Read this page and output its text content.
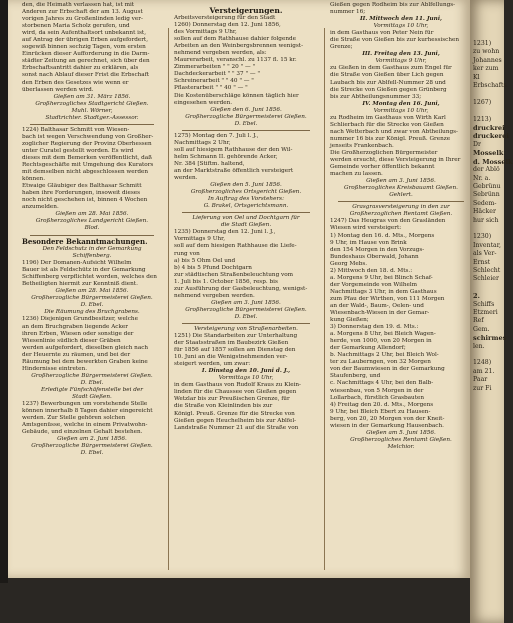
den, die Heimath verlassen hat, ist mit
Anderen zur Erbschaft der am 13. August
vorigen Jahres zu Großenlinden ledig ver-
storbenen Maria Scholz gerufen, und
wird, da sein Aufenthaltsort unbekannt ist,
auf Antrag der übrigen Erben aufgefordert,
sogewiß binnen sechzig Tagen, vom ersten
Einrücken dieser Aufforderung in die Darm-
städter Zeitung an gerechnet, sich über den
Erbschaftsantritt dahier zu erklären, als
sonst nach Ablauf dieser Frist die Erbschaft
den Erben des Gesetzes wie wenn er
überlassen werden wird.
Gießen am 31. März 1856.
Großherzogliches Stadtgericht Gießen.
Muhl. Wörner,
Stadtrichter. Stadtger.-Assessor.
1224) Balthasar Schmitt von Wiesen-
bach ist wegen Verschwendung von Großher-
zoglicher Regierung der Provinz Oberhessen
unter Curatel gestellt worden. Es wird
dieses mit dem Bemerken veröffentlicht, daß
Rechtsgeschäfte mit Umgehung des Kurators
mit demselben nicht abgeschlossen werden
können.
Etwaige Gläubiger des Balthasar Schmitt
haben ihre Forderungen, insoweit dieses
noch nicht geschehen ist, binnen 4 Wochen
anzumelden.
Gießen am 28. Mai 1856.
Großherzogliches Landgericht Gießen.
Blod.
Besondere Bekanntmachungen.
Den Feldschutz in der Gemarkung
Schiffenberg.
1196) Der Domanen-Aufsicht Wilhelm
Bauer ist als Feldschütz in der Gemarkung
Schiffenberg verpflichtet worden, welches den
Betheiligten hiermit zur Kenntniß dient.
Gießen am 28. Mai 1856.
Großherzogliche Bürgermeisterei Gießen.
D. Ebel.
Die Räumung des Bruchgrabens.
1236) Diejenigen Grundbesitzer, welche
an dem Bruchgraben liegende Acker
ihren Erben, Wiesen oder sonstige der
Wiesenlinie südlich dieser Gräben
werden aufgefordert, dieselben gleich nach
der Heuernte zu räumen, und bei der
Räumung bei dem bewerkten Graben keine
Hindernisse eintreten.
Großherzogliche Bürgermeisterei Gießen.
D. Ebel.
Erledigte Fünfschäfenstelle bei der
Stadt Gießen.
1237) Bewerbungen um vorstehende Stelle
können innerhalb 8 Tagen dahier eingereicht
werden. Zur Stelle gehören solchen
Amtsgenüsse, welche in einem Privatwohn-
Gebäude, und einzelnen Gehalt bestehen.
Gießen am 2. Juni 1856.
Großherzogliche Bürgermeisterei Gießen.
D. Ebel.
Versteigerungen.
Arbeitsversteigerung für den Stadt
1260) Donnerstag den 12. Juni 1856,
des Vormittags 9 Uhr,
sollen auf dem Rathhause dahier folgende
Arbeiten an den Weinbergsbrennen wenigst-
nehmend vergeben werden, als:
Maurerarbeit, veranschl. zu 1137 fl. 15 kr.
Zimmerarbeiten " " 20 " — "
Dachdeckerarbeit " " 37 " — "
Schreinerarbeit " " 40 " — "
Pflasterarbeit " " 40 " — "
Die Kostenüberschläge können täglich hier
eingesehen werden.
Gießen den 6. Juni 1856.
Großherzogliche Bürgermeisterei Gießen.
D. Ebel.
1275) Montag den 7. Juli l. J.,
Nachmittags 2 Uhr,
soll auf hiesigem Rathhause der den Wil-
helm Schmann II. gehörende Acker,
Nr. 384 [Stiftm. haltend,
an der Marktstraße öffentlich versteigert
werden.
Gießen den 5. Juni 1856.
Großherzogliches Ortsgericht Gießen.
In Auftrag des Vorstehers:
G. Brakel, Ortsgerichtsmann.
Lieferung von Oel und Dochtgarn für
die Stadt Gießen.
1235) Donnerstag den 12. Juni l. J.,
Vormittags 9 Uhr,
soll auf dem hiesigen Rathhause die Liefe-
rung von
a) bis 5 Ohm Oel und
b) 4 bis 5 Pfund Dochtgarn
zur städtischen Straßenbeleuchtung vom
1. Juli bis 1. October 1856, resp. bis
zur Ausführung der Gasbeleuchtung, wenigst-
nehmend vergeben werden.
Gießen am 3. Juni 1856.
Großherzogliche Bürgermeisterei Gießen.
D. Ebel.
Versteigerung von Straßenarbeiten.
1251) Die Standarbeiten zur Unterhaltung
der Staatsstraßen im Baubezirk Gießen
für 1856 auf 1857 sollen am Dienstag den
10. Juni an die Wenigstnehmenden ver-
steigert werden, um zwar:
I. Dinstag den 10. Juni d. J.,
Vormittags 10 Uhr,
in dem Gasthaus von Rudolf Kraus zu Klein-
linden für die Chaussee von Gießen gegen
Wetzlar bis zur Preußischen Grenze, für
die Straße von Kleinlinden bis zur
Königl. Preuß. Grenze für die Strecke von
Gießen gegen Heuchelheim bis zur Ablfel-
Landstraße Nummer 21 auf die Straße von
Gießen gegen Rodheim bis zur Ablfellungs-
nummer 16;
II. Mittwoch den 11. Juni,
Vormittags 10 Uhr,
in dem Gasthaus von Peter Nein für
die Straße von Gießen bis zur kurhessischen
Grenze;
III. Freitag den 13. Juni,
Vormittags 9 Uhr,
zu Gießen in dem Gasthaus zum Engel für
die Straße von Gießen über Lich gegen
Laubach bis zur Ablfell-Nummer 28 und
die Strecke von Gießen gegen Grünberg
bis zur Abtheilungsnummer 33;
IV. Montag den 16. Juni,
Vormittags 10 Uhr,
zu Rodheim im Gasthaus von Wirth Karl
Schlierbach für die Strecke von Gießen
nach Wetterbach und zwar von Abtheilungs-
nummer 16 bis zur Königl. Preuß. Grenze
jenseits Frankenbach.
Die Großherzoglichen Bürgermeister
werden ersucht, diese Versteigerung in Ihrer
Gemeinde vorher öffentlich bekannt
machen zu lassen.
Gießen am 3. Juni 1856.
Großherzogliches Kreisbauamt Gießen.
Gehlert.
Grasgrasversteigerung in den zur
Großherzoglichen Rentamt Gießen.
1247) Das Heugras von den Grasländen
Wiesen wird versteigert:
1) Montag den 16. d. Mts., Morgens
9 Uhr, im Hause von Brink
den 154 Morgen in den Vorzugs-
Bundeshaus Oberwald, Johann
Georg Mebs.
2) Mittwoch den 18. d. Mts.:
a. Morgens 9 Uhr, bei Blinch Schaf-
der Vorgemeinde von Wilhelm
Nachmittags 3 Uhr, in dem Gasthaus
zum Pfau der Wirthen, von 111 Morgen
an der Wald-, Baum-, Oelen- und
Wiesenbach-Wiesen in der Gemar-
kung Gießen;
3) Donnerstag den 19. d. Mts.:
a. Morgens 8 Uhr, bei Bleich Wagen-
herde, von 1000, von 20 Morgen in
der Gemarkung Allendorf;
b. Nachmittags 2 Uhr, bei Bleich Wol-
ter zu Lauberngen, von 32 Morgen
von der Baumwiesen in der Gemarkung
Staufenberg, und
c. Nachmittags 4 Uhr, bei den Balb-
wiesenbau, von 5 Morgen in der
Lollarbach, fürstlich Grasbauten
4) Freitag den 20. d. Mts., Morgens
9 Uhr, bei Bleich Ebert zu Hausen-
berg, von 20, 20 Morgen von der Kneit-
wiesen in der Gemarkung Hausenbach.
Gießen am 5. Juni 1856.
Großherzogliches Rentamt Gießen.
Melchior.
1231)
zu wohn
Johannes
ker zum
Kl
Erbschafts

1267)

1213)
druckrei
druckerei
Dr
Mosselk
d. Mosselk
der Ablö
Nr. a.
Gebrünu
Sebrünn
Sedem-
Häcker
hur sich

1230)
Inventar,
als Ver-
Ernst
Schlecht
Schleier

2.
Schiffs
Etzmeri
Ref
Gem.
schirmes
len.

1248)
am 21.
Paar
zur Fi
